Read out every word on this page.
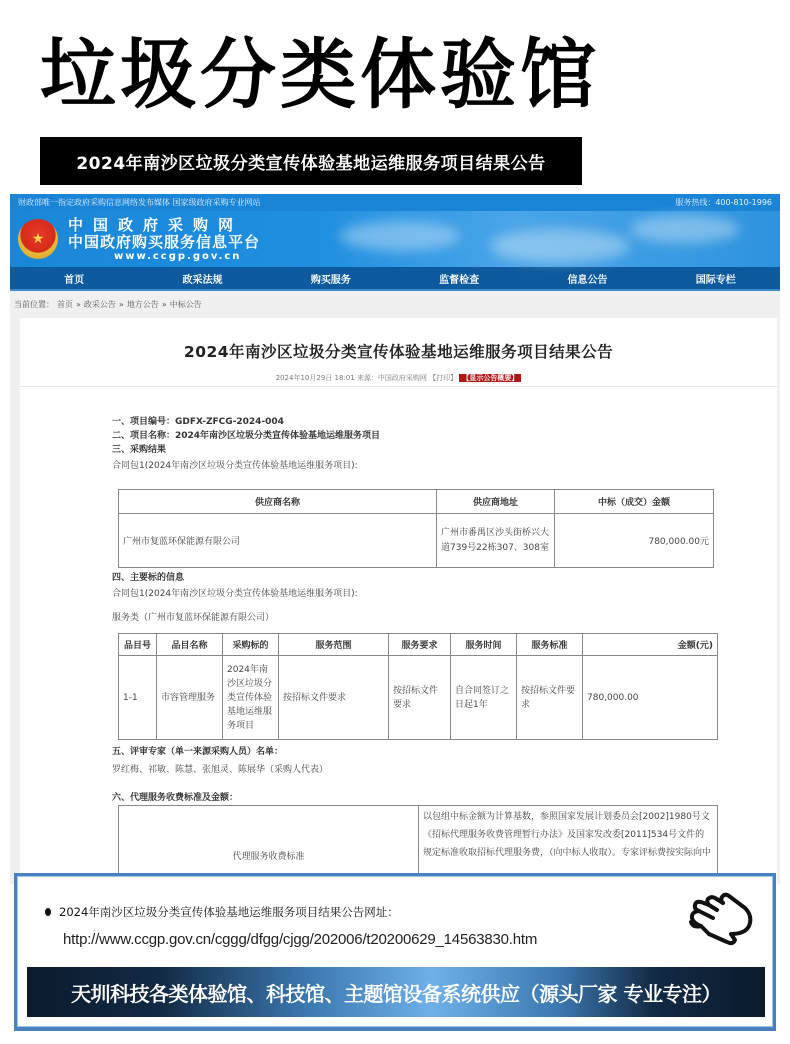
垃圾分类体验馆
2024年南沙区垃圾分类宣传体验基地运维服务项目结果公告
财政部唯一指定政府采购信息网络发布媒体 国家级政府采购专业网站	服务热线：400-810-1996
★
中国政府采购网
中国政府购买服务信息平台
www.ccgp.gov.cn
首页	政采法规	购买服务	监督检查	信息公告	国际专栏
当前位置： 首页 » 政采公告 » 地方公告 » 中标公告
2024年南沙区垃圾分类宣传体验基地运维服务项目结果公告
2024年10月29日 18:01 来源：中国政府采购网 【打印】 【显示公告概要】
一、项目编号：GDFX-ZFCG-2024-004
二、项目名称：2024年南沙区垃圾分类宣传体验基地运维服务项目
三、采购结果
合同包1(2024年南沙区垃圾分类宣传体验基地运维服务项目):
供应商名称	供应商地址	中标（成交）金额
广州市复蓝环保能源有限公司	广州市番禺区沙头街桥兴大道739号22栋307、308室	780,000.00元
四、主要标的信息
合同包1(2024年南沙区垃圾分类宣传体验基地运维服务项目):
服务类（广州市复蓝环保能源有限公司）
品目号	品目名称	采购标的	服务范围	服务要求	服务时间	服务标准	金额(元)
1-1	市容管理服务	2024年南沙区垃圾分类宣传体验基地运维服务项目	按招标文件要求	按招标文件要求	自合同签订之日起1年	按招标文件要求	780,000.00
五、评审专家（单一来源采购人员）名单：
罗红梅、祁敏、陈慧、张旭灵、陈展华（采购人代表）
六、代理服务收费标准及金额：
代理服务收费标准	以包组中标金额为计算基数，参照国家发展计划委员会[2002]1980号文《招标代理服务收费管理暂行办法》及国家发改委[2011]534号文件的规定标准收取招标代理服务费，（向中标人收取）。专家评标费按实际向中
2024年南沙区垃圾分类宣传体验基地运维服务项目结果公告网址：
http://www.ccgp.gov.cn/cggg/dfgg/cjgg/202006/t20200629_14563830.htm
天圳科技各类体验馆、科技馆、主题馆设备系统供应（源头厂家 专业专注）
